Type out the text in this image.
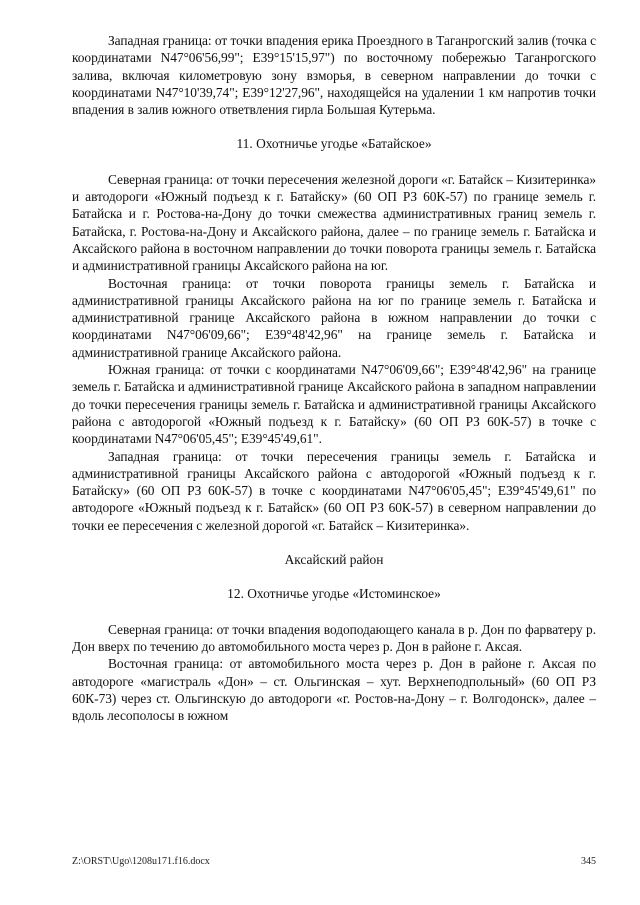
Западная граница: от точки впадения ерика Проездного в Таганрогский залив (точка с координатами N47°06'56,99"; E39°15'15,97") по восточному побережью Таганрогского залива, включая километровую зону взморья, в северном направлении до точки с координатами N47°10'39,74"; E39°12'27,96", находящейся на удалении 1 км напротив точки впадения в залив южного ответвления гирла Большая Кутерьма.

11. Охотничье угодье «Батайское»

Северная граница: от точки пересечения железной дороги «г. Батайск – Кизитеринка» и автодороги «Южный подъезд к г. Батайску» (60 ОП РЗ 60К-57) по границе земель г. Батайска и г. Ростова-на-Дону до точки смежества административных границ земель г. Батайска, г. Ростова-на-Дону и Аксайского района, далее – по границе земель г. Батайска и Аксайского района в восточном направлении до точки поворота границы земель г. Батайска и административной границы Аксайского района на юг.

Восточная граница: от точки поворота границы земель г. Батайска и административной границы Аксайского района на юг по границе земель г. Батайска и административной границе Аксайского района в южном направлении до точки с координатами N47°06'09,66"; E39°48'42,96" на границе земель г. Батайска и административной границе Аксайского района.

Южная граница: от точки с координатами N47°06'09,66"; E39°48'42,96" на границе земель г. Батайска и административной границе Аксайского района в западном направлении до точки пересечения границы земель г. Батайска и административной границы Аксайского района с автодорогой «Южный подъезд к г. Батайску» (60 ОП РЗ 60К-57) в точке с координатами N47°06'05,45"; E39°45'49,61".

Западная граница: от точки пересечения границы земель г. Батайска и административной границы Аксайского района с автодорогой «Южный подъезд к г. Батайску» (60 ОП РЗ 60К-57) в точке с координатами N47°06'05,45"; E39°45'49,61" по автодороге «Южный подъезд к г. Батайск» (60 ОП РЗ 60К-57) в северном направлении до точки ее пересечения с железной дорогой «г. Батайск – Кизитеринка».

Аксайский район

12. Охотничье угодье «Истоминское»

Северная граница: от точки впадения водоподающего канала в р. Дон по фарватеру р. Дон вверх по течению до автомобильного моста через р. Дон в районе г. Аксая.

Восточная граница: от автомобильного моста через р. Дон в районе г. Аксая по автодороге «магистраль «Дон» – ст. Ольгинская – хут. Верхнеподпольный» (60 ОП РЗ 60К-73) через ст. Ольгинскую до автодороги «г. Ростов-на-Дону – г. Волгодонск», далее – вдоль лесополосы в южном

Z:\ORST\Ugo\1208u171.f16.docx	345
